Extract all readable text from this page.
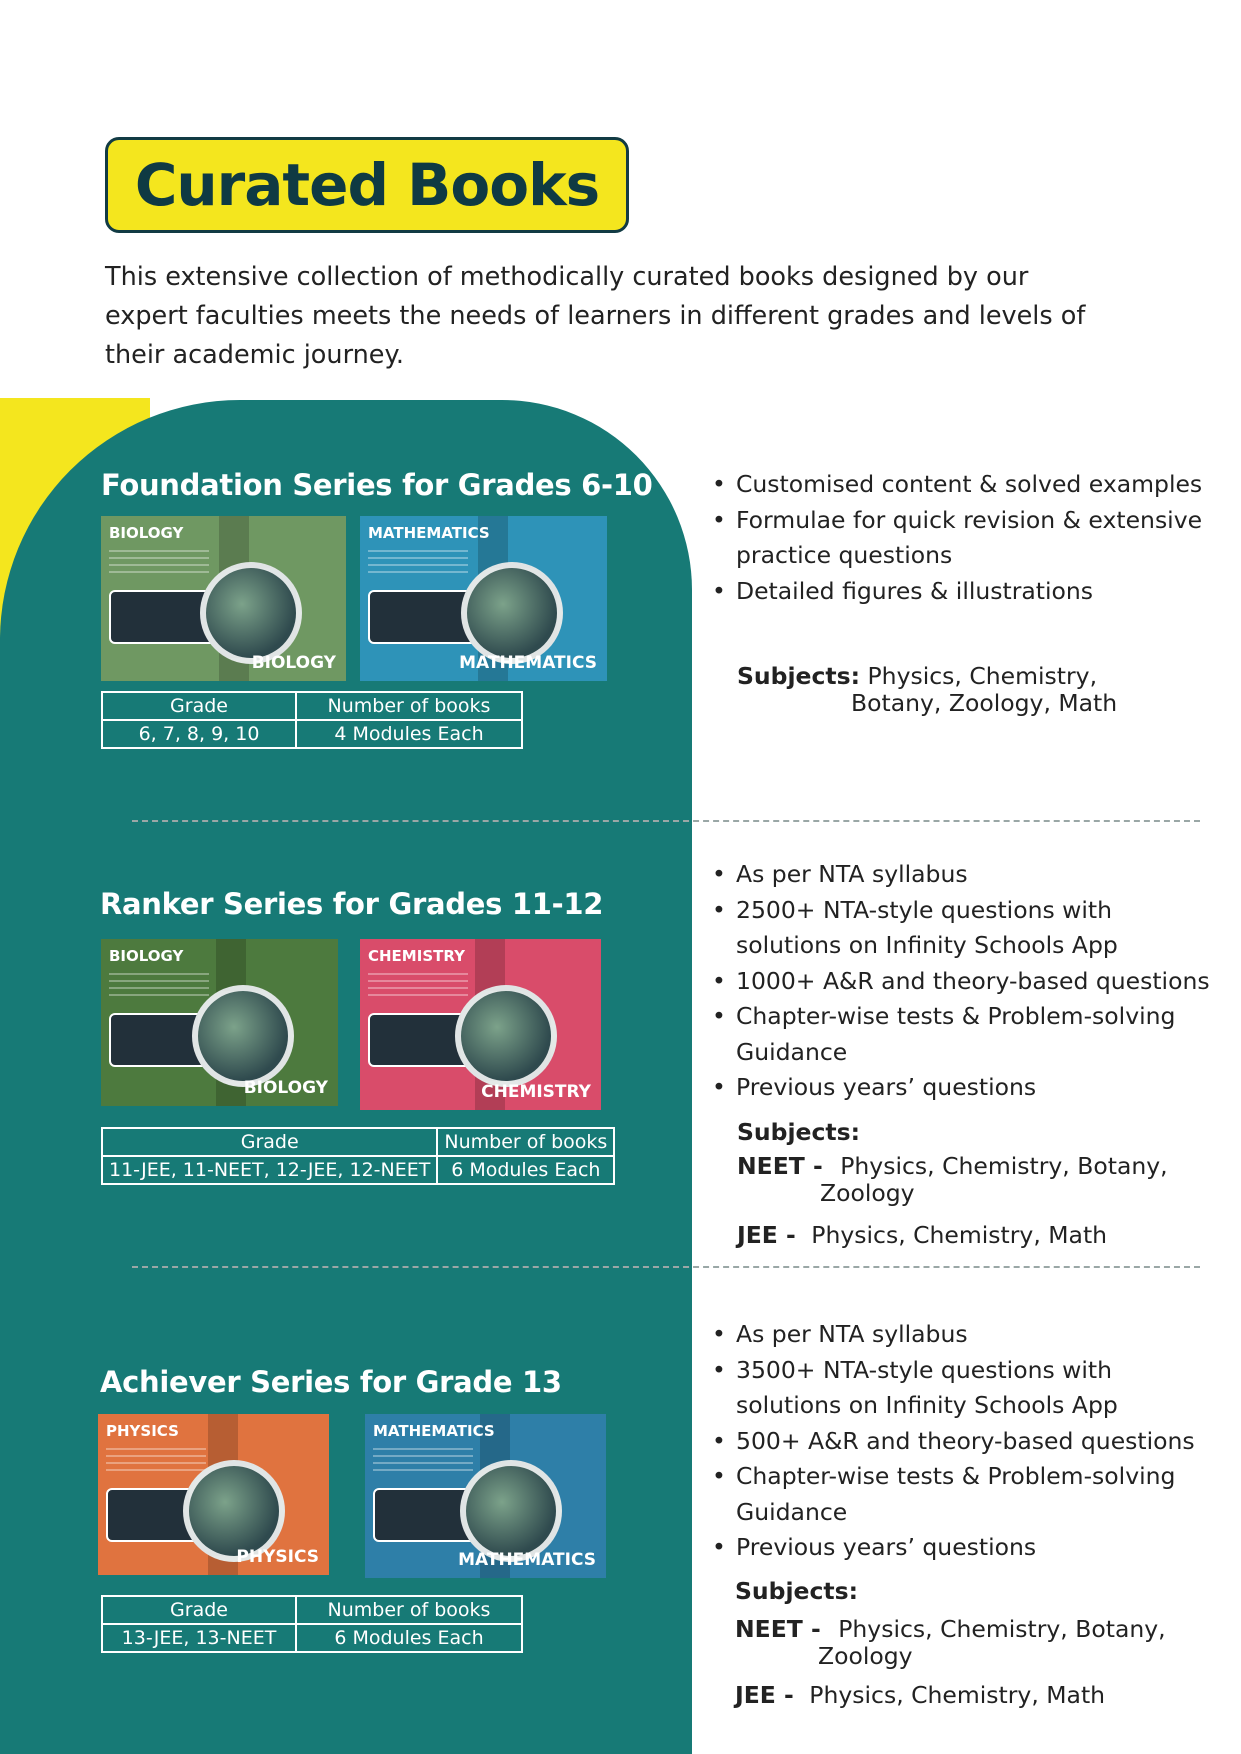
Curated Books

This extensive collection of methodically curated books designed by our expert faculties meets the needs of learners in different grades and levels of their academic journey.

Foundation Series for Grades 6-10
BIOLOGY
BIOLOGY
MATHEMATICS
MATHEMATICS
Grade	Number of books
6, 7, 8, 9, 10	4 Modules Each
• Customised content & solved examples
• Formulae for quick revision & extensive practice questions
• Detailed figures & illustrations
Subjects: Physics, Chemistry,
Botany, Zoology, Math
Ranker Series for Grades 11-12
BIOLOGY
BIOLOGY
CHEMISTRY
CHEMISTRY
Grade	Number of books
11-JEE, 11-NEET, 12-JEE, 12-NEET	6 Modules Each
• As per NTA syllabus
• 2500+ NTA-style questions with solutions on Infinity Schools App
• 1000+ A&R and theory-based questions
• Chapter-wise tests & Problem-solving Guidance
• Previous years’ questions
Subjects:
NEET - Physics, Chemistry, Botany,
Zoology
JEE - Physics, Chemistry, Math
Achiever Series for Grade 13
PHYSICS
PHYSICS
MATHEMATICS
MATHEMATICS
Grade	Number of books
13-JEE, 13-NEET	6 Modules Each
• As per NTA syllabus
• 3500+ NTA-style questions with solutions on Infinity Schools App
• 500+ A&R and theory-based questions
• Chapter-wise tests & Problem-solving Guidance
• Previous years’ questions
Subjects:
NEET - Physics, Chemistry, Botany,
Zoology
JEE - Physics, Chemistry, Math
